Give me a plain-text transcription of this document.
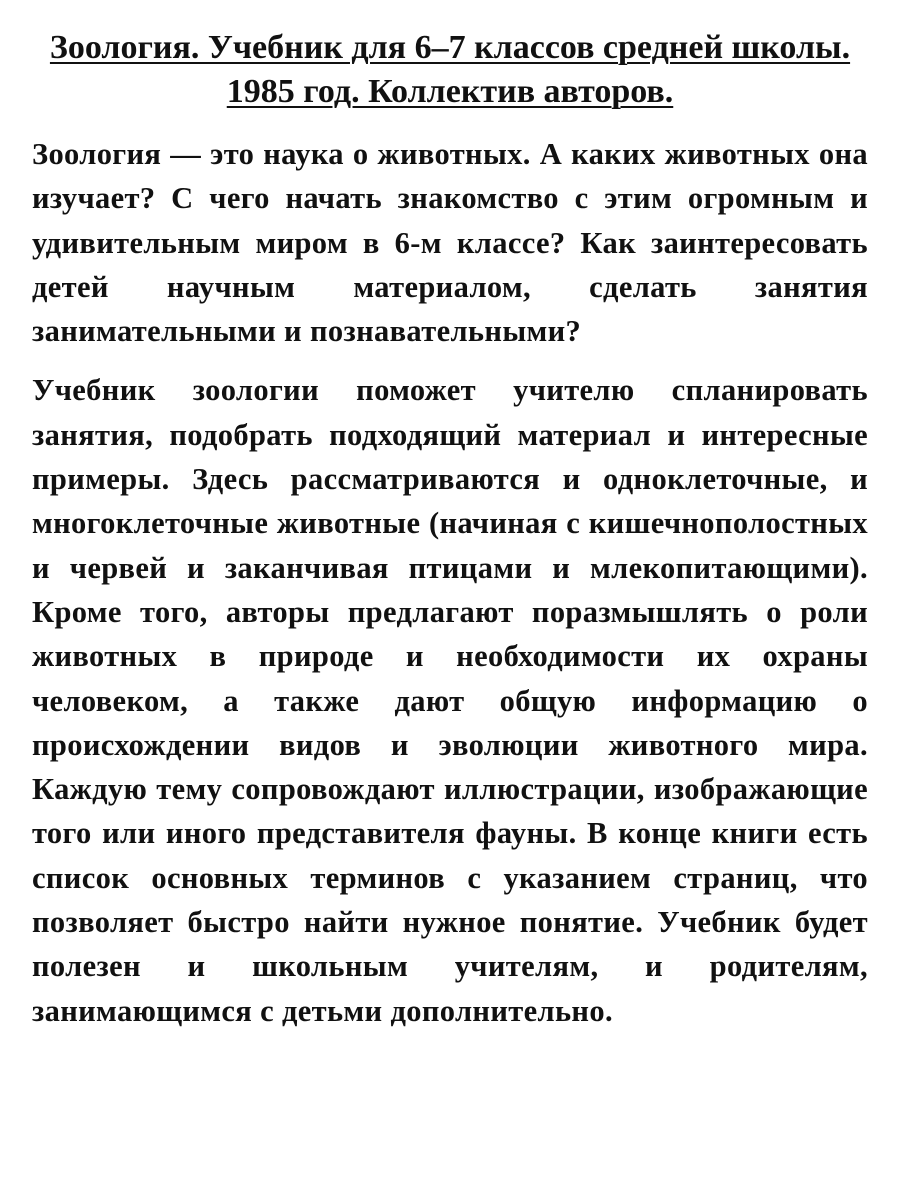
Зоология. Учебник для 6–7 классов средней школы. 1985 год. Коллектив авторов.

Зоология — это наука о животных. А каких животных она изучает? С чего начать знакомство с этим огромным и удивительным миром в 6-м классе? Как заинтересовать детей научным материалом, сделать занятия занимательными и познавательными?

Учебник зоологии поможет учителю спланировать занятия, подобрать подходящий материал и интересные примеры. Здесь рассматриваются и одноклеточные, и многоклеточные животные (начиная с кишечнополостных и червей и заканчивая птицами и млекопитающими). Кроме того, авторы предлагают поразмышлять о роли животных в природе и необходимости их охраны человеком, а также дают общую информацию о происхождении видов и эволюции животного мира. Каждую тему сопровождают иллюстрации, изображающие того или иного представителя фауны. В конце книги есть список основных терминов с указанием страниц, что позволяет быстро найти нужное понятие. Учебник будет полезен и школьным учителям, и родителям, занимающимся с детьми дополнительно.
